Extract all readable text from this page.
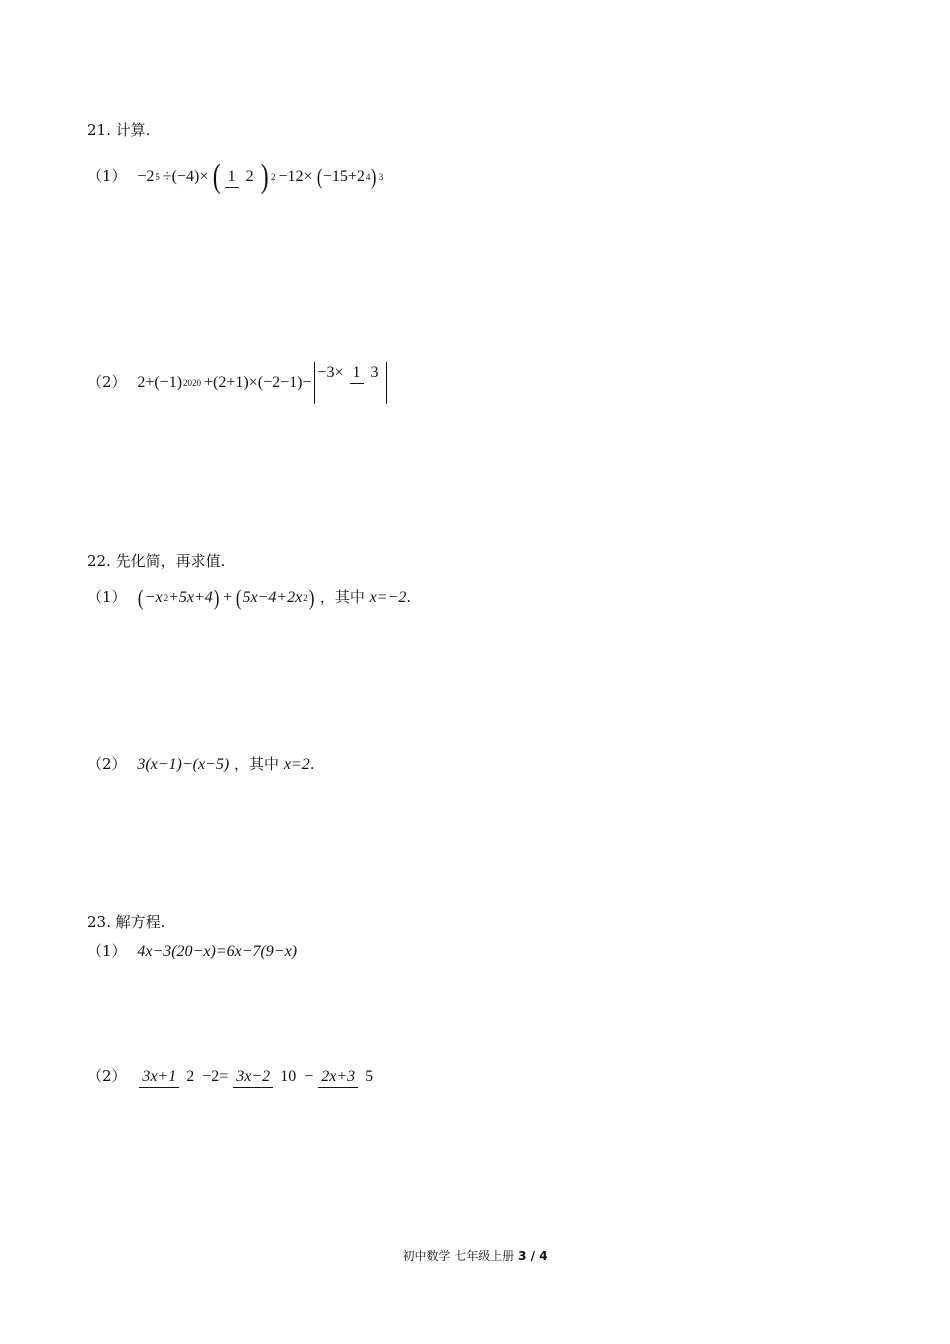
21. 计算.
（1） −2 5 ÷(−4)× ( 1 2 ) 2 −12× ( −15+2 4 ) 3
（2） 2+(−1) 2020 +(2+1)×(−2−1)−
−3× 1 3
22. 先化简，再求值.
（1） ( −x 2 +5x+4 ) + ( 5x−4+2x 2 ) ，其中 x=−2 .
（2） 3(x−1)−(x−5) ，其中 x=2 .
23. 解方程.
（1） 4x−3(20−x)=6x−7(9−x)
（2） 3x+1 2 −2= 3x−2 10 − 2x+3 5
初中数学 七年级上册 3 / 4
